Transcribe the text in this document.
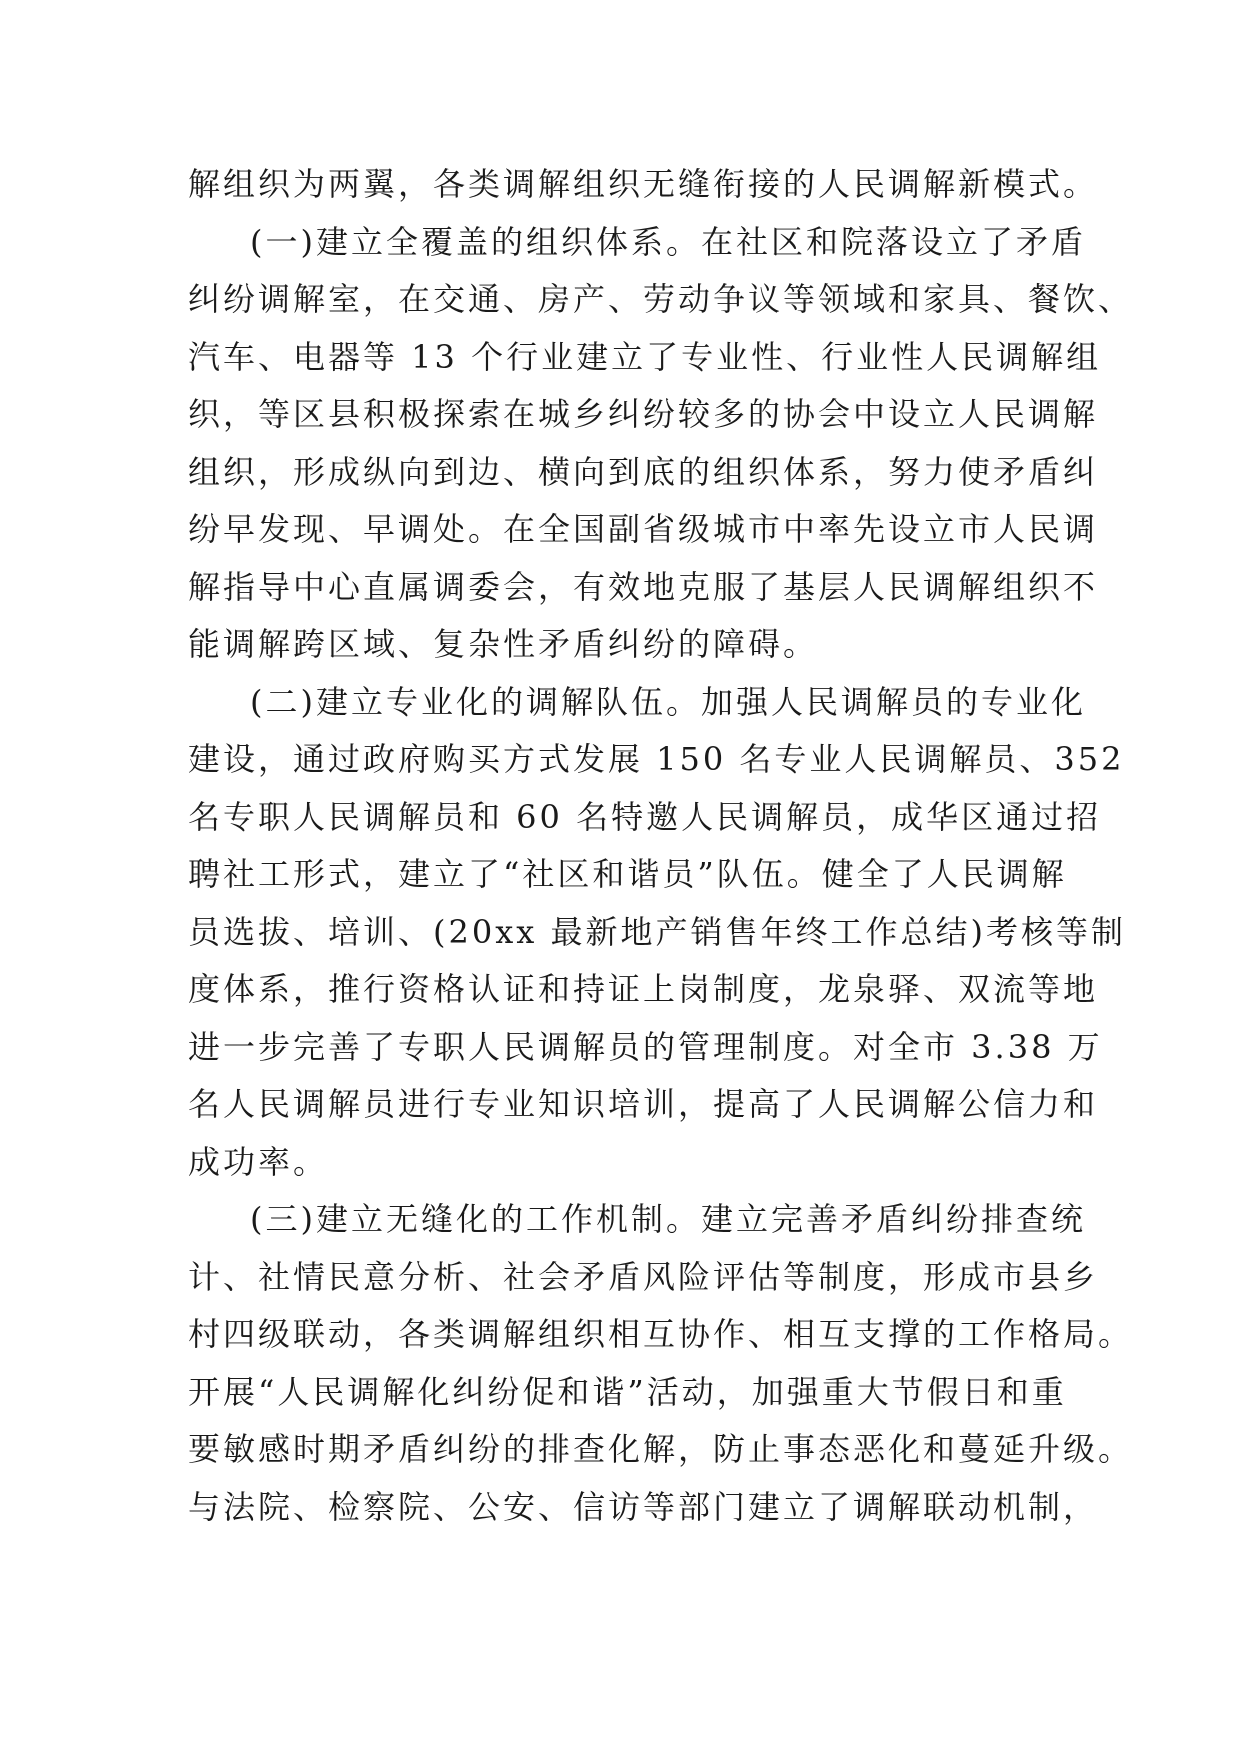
解组织为两翼，各类调解组织无缝衔接的人民调解新模式。
(一)建立全覆盖的组织体系。在社区和院落设立了矛盾
纠纷调解室，在交通、房产、劳动争议等领域和家具、餐饮、
汽车、电器等 13 个行业建立了专业性、行业性人民调解组
织，等区县积极探索在城乡纠纷较多的协会中设立人民调解
组织，形成纵向到边、横向到底的组织体系，努力使矛盾纠
纷早发现、早调处。在全国副省级城市中率先设立市人民调
解指导中心直属调委会，有效地克服了基层人民调解组织不
能调解跨区域、复杂性矛盾纠纷的障碍。
(二)建立专业化的调解队伍。加强人民调解员的专业化
建设，通过政府购买方式发展 150 名专业人民调解员、352
名专职人民调解员和 60 名特邀人民调解员，成华区通过招
聘社工形式，建立了“社区和谐员”队伍。健全了人民调解
员选拔、培训、(20xx 最新地产销售年终工作总结)考核等制
度体系，推行资格认证和持证上岗制度，龙泉驿、双流等地
进一步完善了专职人民调解员的管理制度。对全市 3.38 万
名人民调解员进行专业知识培训，提高了人民调解公信力和
成功率。
(三)建立无缝化的工作机制。建立完善矛盾纠纷排查统
计、社情民意分析、社会矛盾风险评估等制度，形成市县乡
村四级联动，各类调解组织相互协作、相互支撑的工作格局。
开展“人民调解化纠纷促和谐”活动，加强重大节假日和重
要敏感时期矛盾纠纷的排查化解，防止事态恶化和蔓延升级。
与法院、检察院、公安、信访等部门建立了调解联动机制，
